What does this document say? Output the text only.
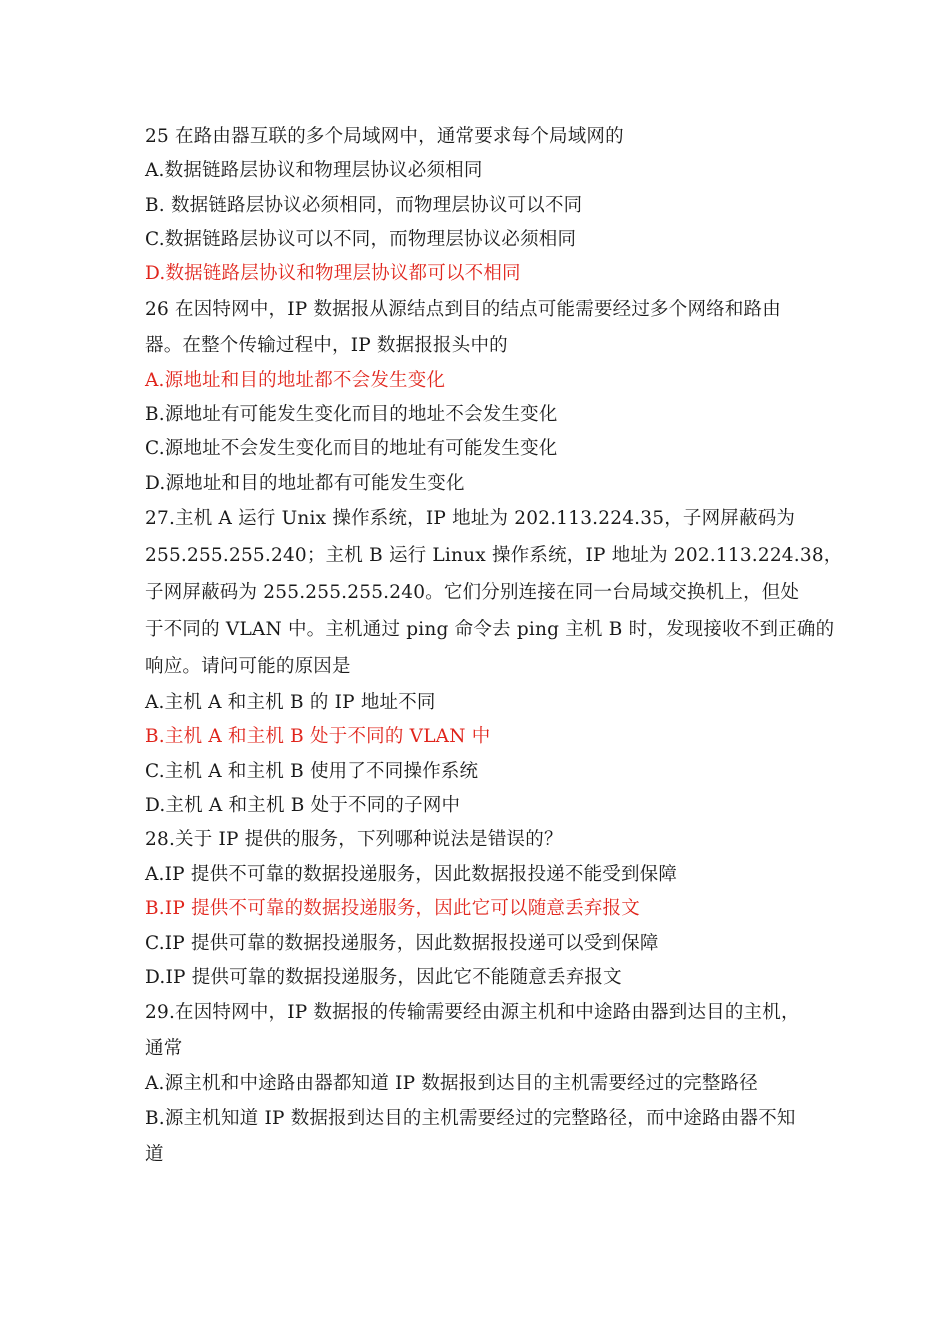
25 在路由器互联的多个局域网中，通常要求每个局域网的
A.数据链路层协议和物理层协议必须相同
B. 数据链路层协议必须相同，而物理层协议可以不同
C.数据链路层协议可以不同，而物理层协议必须相同
D.数据链路层协议和物理层协议都可以不相同
26 在因特网中，IP 数据报从源结点到目的结点可能需要经过多个网络和路由
器。在整个传输过程中，IP 数据报报头中的
A.源地址和目的地址都不会发生变化
B.源地址有可能发生变化而目的地址不会发生变化
C.源地址不会发生变化而目的地址有可能发生变化
D.源地址和目的地址都有可能发生变化
27.主机 A 运行 Unix 操作系统，IP 地址为 202.113.224.35，子网屏蔽码为
255.255.255.240；主机 B 运行 Linux 操作系统，IP 地址为 202.113.224.38，
子网屏蔽码为 255.255.255.240。它们分别连接在同一台局域交换机上，但处
于不同的 VLAN 中。主机通过 ping 命令去 ping 主机 B 时，发现接收不到正确的
响应。请问可能的原因是
A.主机 A 和主机 B 的 IP 地址不同
B.主机 A 和主机 B 处于不同的 VLAN 中
C.主机 A 和主机 B 使用了不同操作系统
D.主机 A 和主机 B 处于不同的子网中
28.关于 IP 提供的服务，下列哪种说法是错误的？
A.IP 提供不可靠的数据投递服务，因此数据报投递不能受到保障
B.IP 提供不可靠的数据投递服务，因此它可以随意丢弃报文
C.IP 提供可靠的数据投递服务，因此数据报投递可以受到保障
D.IP 提供可靠的数据投递服务，因此它不能随意丢弃报文
29.在因特网中，IP 数据报的传输需要经由源主机和中途路由器到达目的主机，
通常
A.源主机和中途路由器都知道 IP 数据报到达目的主机需要经过的完整路径
B.源主机知道 IP 数据报到达目的主机需要经过的完整路径，而中途路由器不知
道
